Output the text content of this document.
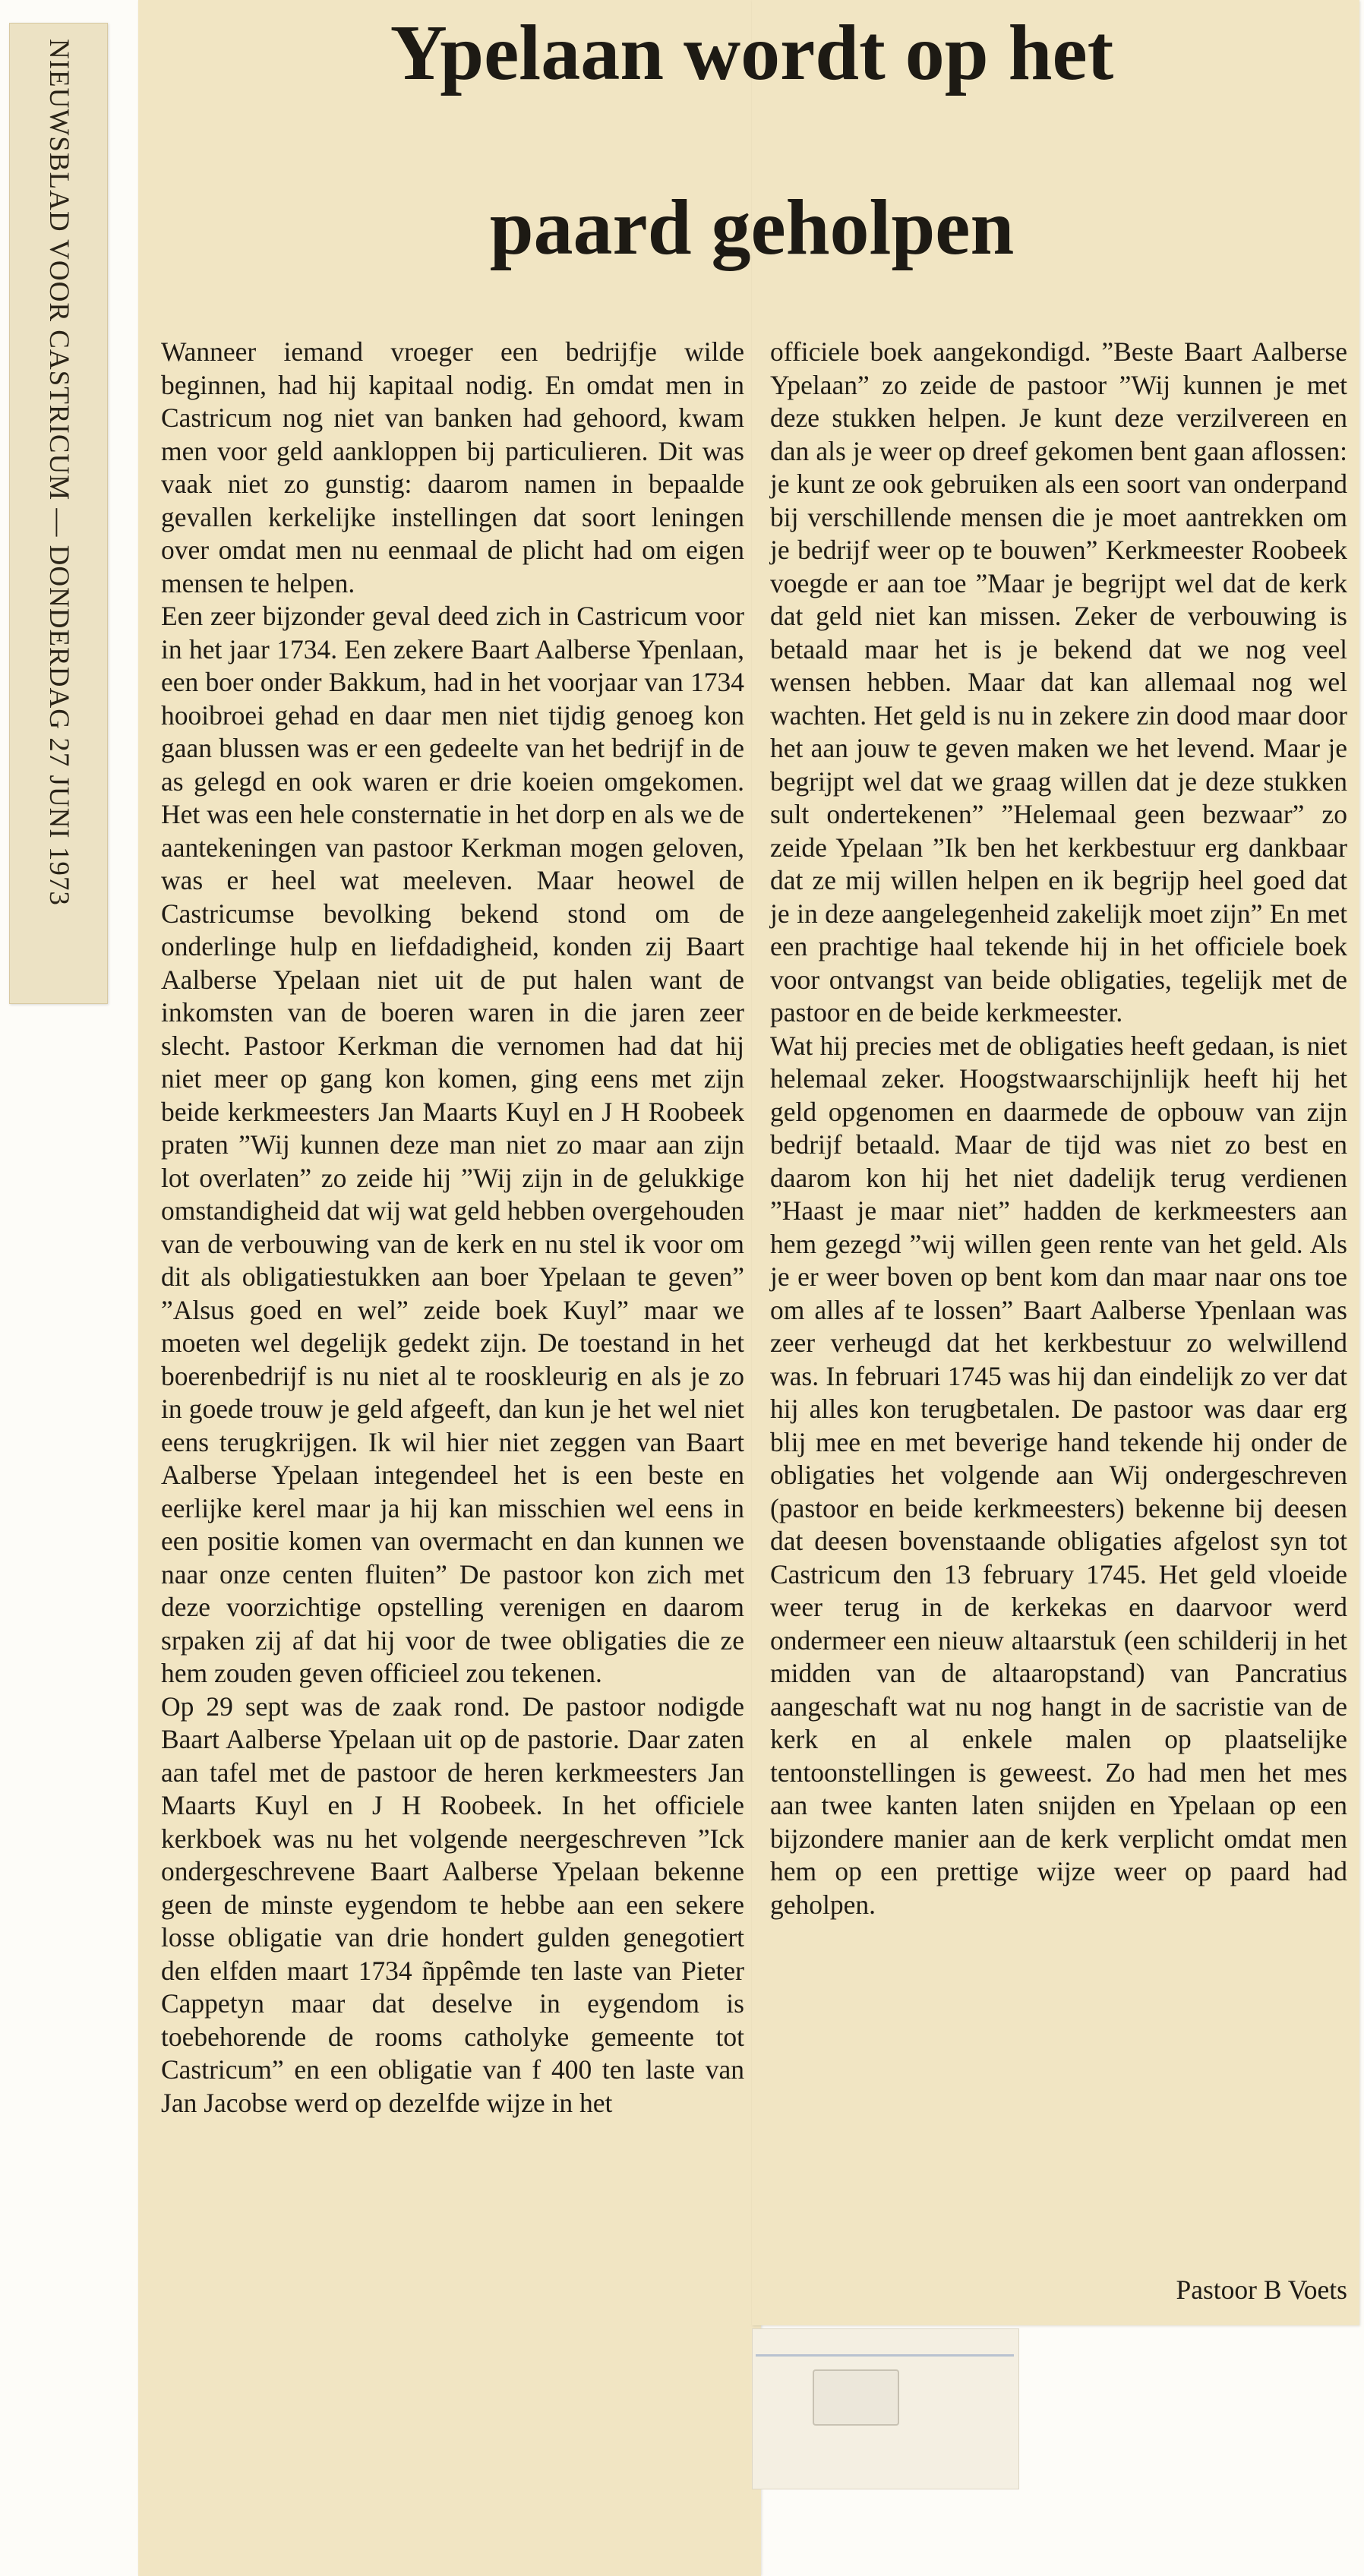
NIEUWSBLAD VOOR CASTRICUM — DONDERDAG 27 JUNI 1973	Ypelaan wordt op het
paard geholpen

Wanneer iemand vroeger een bedrijfje wilde beginnen, had hij kapitaal nodig. En omdat men in Castricum nog niet van banken had gehoord, kwam men voor geld aankloppen bij particulieren. Dit was vaak niet zo gunstig: daarom namen in bepaalde gevallen kerkelijke instellingen dat soort leningen over omdat men nu eenmaal de plicht had om eigen mensen te helpen.

Een zeer bijzonder geval deed zich in Castricum voor in het jaar 1734. Een zekere Baart Aalberse Ypenlaan, een boer onder Bakkum, had in het voorjaar van 1734 hooibroei gehad en daar men niet tijdig genoeg kon gaan blussen was er een gedeelte van het bedrijf in de as gelegd en ook waren er drie koeien omgekomen. Het was een hele consternatie in het dorp en als we de aantekeningen van pastoor Kerkman mogen geloven, was er heel wat meeleven. Maar heowel de Castricumse bevolking bekend stond om de onderlinge hulp en liefdadigheid, konden zij Baart Aalberse Ypelaan niet uit de put halen want de inkomsten van de boeren waren in die jaren zeer slecht. Pastoor Kerkman die vernomen had dat hij niet meer op gang kon komen, ging eens met zijn beide kerkmeesters Jan Maarts Kuyl en J H Roobeek praten ”Wij kunnen deze man niet zo maar aan zijn lot overlaten” zo zeide hij ”Wij zijn in de gelukkige omstandigheid dat wij wat geld hebben overgehouden van de verbouwing van de kerk en nu stel ik voor om dit als obligatiestukken aan boer Ypelaan te geven” ”Alsus goed en wel” zeide boek Kuyl” maar we moeten wel degelijk gedekt zijn. De toestand in het boerenbedrijf is nu niet al te rooskleurig en als je zo in goede trouw je geld afgeeft, dan kun je het wel niet eens terugkrijgen. Ik wil hier niet zeggen van Baart Aalberse Ypelaan integendeel het is een beste en eerlijke kerel maar ja hij kan misschien wel eens in een positie komen van overmacht en dan kunnen we naar onze centen fluiten” De pastoor kon zich met deze voorzichtige opstelling verenigen en daarom srpaken zij af dat hij voor de twee obligaties die ze hem zouden geven officieel zou tekenen.

Op 29 sept was de zaak rond. De pastoor nodigde Baart Aalberse Ypelaan uit op de pastorie. Daar zaten aan tafel met de pastoor de heren kerkmeesters Jan Maarts Kuyl en J H Roobeek. In het officiele kerkboek was nu het volgende neergeschreven ”Ick ondergeschrevene Baart Aalberse Ypelaan bekenne geen de minste eygendom te hebbe aan een sekere losse obligatie van drie hondert gulden genegotiert den elfden maart 1734 ñppêmde ten laste van Pieter Cappetyn maar dat deselve in eygendom is toebehorende de rooms catholyke gemeente tot Castricum” en een obligatie van f 400 ten laste van Jan Jacobse werd op dezelfde wijze in het

officiele boek aangekondigd. ”Beste Baart Aalberse Ypelaan” zo zeide de pastoor ”Wij kunnen je met deze stukken helpen. Je kunt deze verzilvereen en dan als je weer op dreef gekomen bent gaan aflossen: je kunt ze ook gebruiken als een soort van onderpand bij verschillende mensen die je moet aantrekken om je bedrijf weer op te bouwen” Kerkmeester Roobeek voegde er aan toe ”Maar je begrijpt wel dat de kerk dat geld niet kan missen. Zeker de verbouwing is betaald maar het is je bekend dat we nog veel wensen hebben. Maar dat kan allemaal nog wel wachten. Het geld is nu in zekere zin dood maar door het aan jouw te geven maken we het levend. Maar je begrijpt wel dat we graag willen dat je deze stukken sult ondertekenen” ”Helemaal geen bezwaar” zo zeide Ypelaan ”Ik ben het kerkbestuur erg dankbaar dat ze mij willen helpen en ik begrijp heel goed dat je in deze aangelegenheid zakelijk moet zijn” En met een prachtige haal tekende hij in het officiele boek voor ontvangst van beide obligaties, tegelijk met de pastoor en de beide kerkmeester.

Wat hij precies met de obligaties heeft gedaan, is niet helemaal zeker. Hoogstwaarschijnlijk heeft hij het geld opgenomen en daarmede de opbouw van zijn bedrijf betaald. Maar de tijd was niet zo best en daarom kon hij het niet dadelijk terug verdienen ”Haast je maar niet” hadden de kerkmeesters aan hem gezegd ”wij willen geen rente van het geld. Als je er weer boven op bent kom dan maar naar ons toe om alles af te lossen” Baart Aalberse Ypenlaan was zeer verheugd dat het kerkbestuur zo welwillend was. In februari 1745 was hij dan eindelijk zo ver dat hij alles kon terugbetalen. De pastoor was daar erg blij mee en met beverige hand tekende hij onder de obligaties het volgende aan Wij ondergeschreven (pastoor en beide kerkmeesters) bekenne bij deesen dat deesen bovenstaande obligaties afgelost syn tot Castricum den 13 february 1745. Het geld vloeide weer terug in de kerkekas en daarvoor werd ondermeer een nieuw altaarstuk (een schilderij in het midden van de altaaropstand) van Pancratius aangeschaft wat nu nog hangt in de sacristie van de kerk en al enkele malen op plaatselijke tentoonstellingen is geweest. Zo had men het mes aan twee kanten laten snijden en Ypelaan op een bijzondere manier aan de kerk verplicht omdat men hem op een prettige wijze weer op paard had geholpen.

Pastoor B Voets
